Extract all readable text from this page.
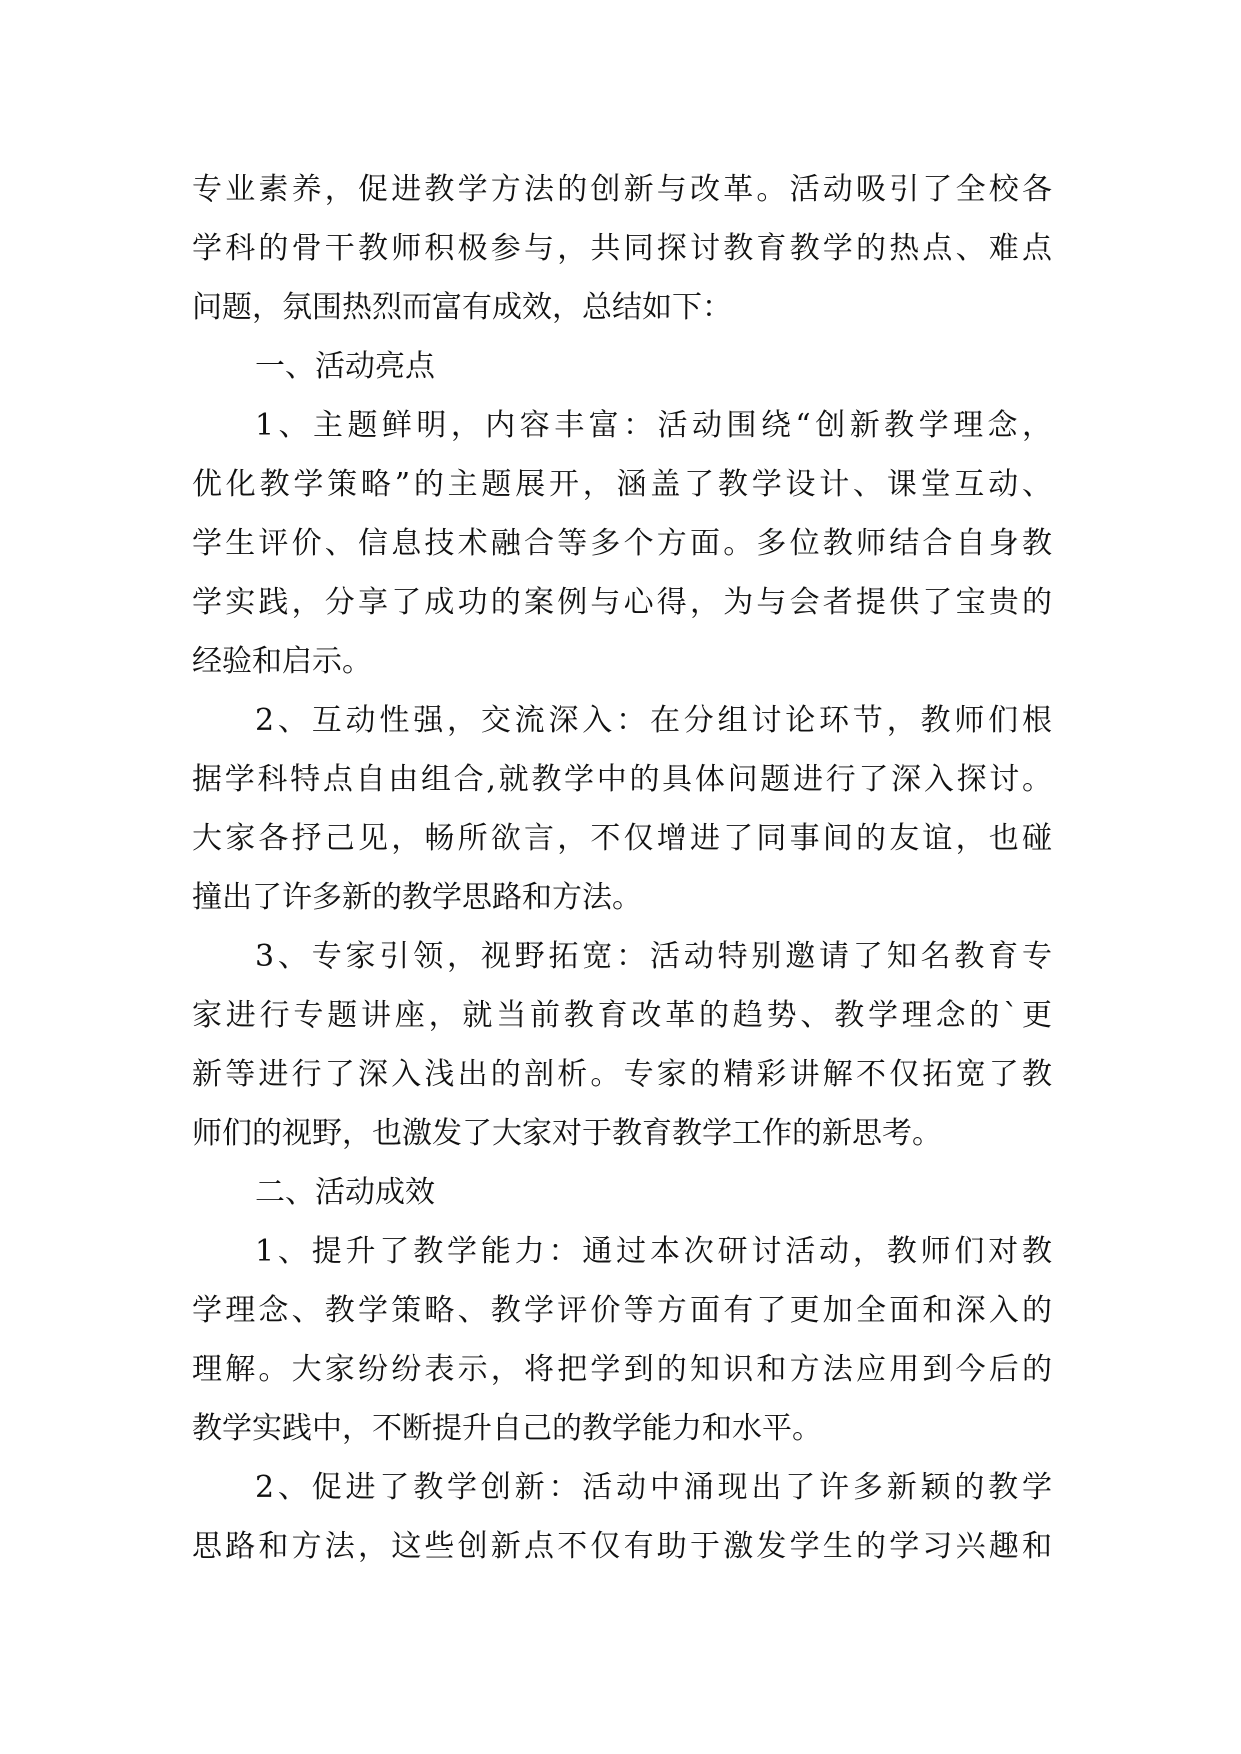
专业素养，促进教学方法的创新与改革。活动吸引了全校各
学科的骨干教师积极参与，共同探讨教育教学的热点、难点
问题，氛围热烈而富有成效，总结如下：
一、活动亮点
1、主题鲜明，内容丰富：活动围绕“创新教学理念，
优化教学策略”的主题展开，涵盖了教学设计、课堂互动、
学生评价、信息技术融合等多个方面。多位教师结合自身教
学实践，分享了成功的案例与心得，为与会者提供了宝贵的
经验和启示。
2、互动性强，交流深入：在分组讨论环节，教师们根
据学科特点自由组合,就教学中的具体问题进行了深入探讨。
大家各抒己见，畅所欲言，不仅增进了同事间的友谊，也碰
撞出了许多新的教学思路和方法。
3、专家引领，视野拓宽：活动特别邀请了知名教育专
家进行专题讲座，就当前教育改革的趋势、教学理念的`更
新等进行了深入浅出的剖析。专家的精彩讲解不仅拓宽了教
师们的视野，也激发了大家对于教育教学工作的新思考。
二、活动成效
1、提升了教学能力：通过本次研讨活动，教师们对教
学理念、教学策略、教学评价等方面有了更加全面和深入的
理解。大家纷纷表示，将把学到的知识和方法应用到今后的
教学实践中，不断提升自己的教学能力和水平。
2、促进了教学创新：活动中涌现出了许多新颖的教学
思路和方法，这些创新点不仅有助于激发学生的学习兴趣和
